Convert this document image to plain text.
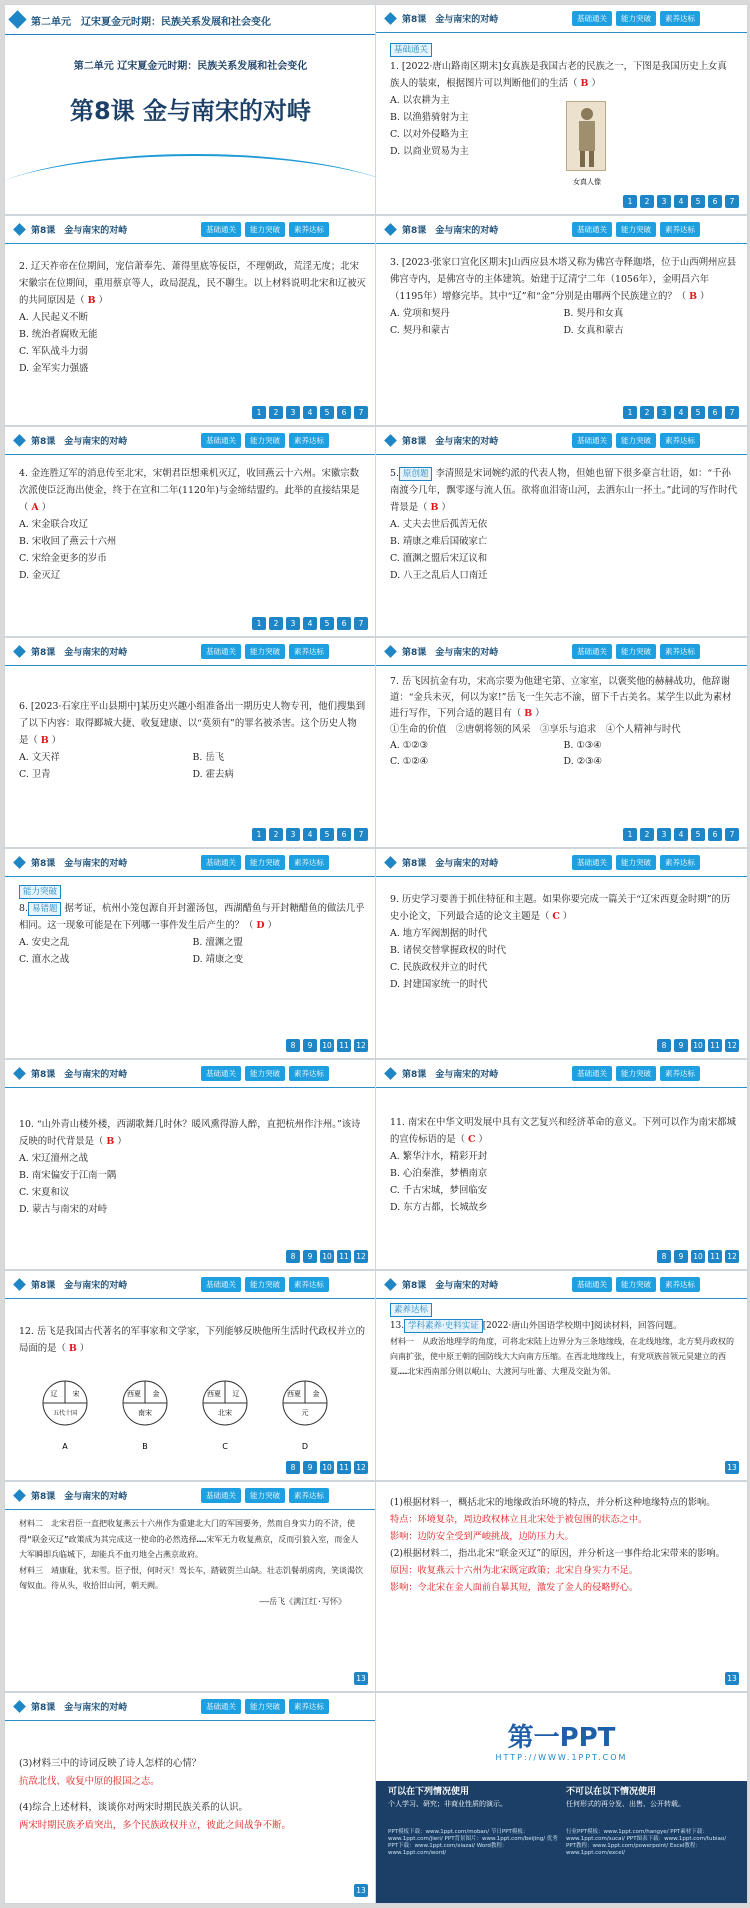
第二单元　辽宋夏金元时期：民族关系发展和社会变化
第二单元 辽宋夏金元时期：民族关系发展和社会变化
第8课 金与南宋的对峙
第8课　金与南宋的对峙	基础通关	能力突破	素养达标
基础通关
1. [2022·唐山路南区期末]女真族是我国古老的民族之一，下图是我国历史上女真族人的装束，根据图片可以判断他们的生活（ B ）
A. 以农耕为主
B. 以渔猎骑射为主
C. 以对外侵略为主
D. 以商业贸易为主
女真人像
1	2	3	4	5	6	7
第8课　金与南宋的对峙	基础通关	能力突破	素养达标
2. 辽天祚帝在位期间，宠信萧奉先、萧得里底等佞臣，不理朝政，荒淫无度；北宋宋徽宗在位期间，重用蔡京等人，政局混乱，民不聊生。以上材料说明北宋和辽被灭的共同原因是（ B ）
A. 人民起义不断
B. 统治者腐败无能
C. 军队战斗力弱
D. 金军实力强盛
1	2	3	4	5	6	7
第8课　金与南宋的对峙	基础通关	能力突破	素养达标
3. [2023·张家口宣化区期末]山西应县木塔又称为佛宫寺释迦塔，位于山西朔州应县佛宫寺内，是佛宫寺的主体建筑。始建于辽清宁二年（1056年），金明昌六年（1195年）增修完毕。其中“辽”和“金”分别是由哪两个民族建立的？（ B ）
A. 党项和契丹	B. 契丹和女真
C. 契丹和蒙古	D. 女真和蒙古
1	2	3	4	5	6	7
第8课　金与南宋的对峙	基础通关	能力突破	素养达标
4. 金连胜辽军的消息传至北宋，宋朝君臣想乘机灭辽，收回燕云十六州。宋徽宗数次派使臣泛海出使金，终于在宣和二年(1120年)与金缔结盟约。此举的直接结果是（ A ）
A. 宋金联合攻辽
B. 宋收回了燕云十六州
C. 宋给金更多的岁币
D. 金灭辽
1	2	3	4	5	6	7
第8课　金与南宋的对峙	基础通关	能力突破	素养达标
5. 原创题 李清照是宋词婉约派的代表人物，但她也留下很多豪言壮语，如：“千孙南渡今几年，飘零逐与流人伍。欲将血泪寄山河，去洒东山一抔土。”此词的写作时代背景是（ B ）
A. 丈夫去世后孤苦无依
B. 靖康之难后国破家亡
C. 澶渊之盟后宋辽议和
D. 八王之乱后人口南迁
第8课　金与南宋的对峙	基础通关	能力突破	素养达标
6. [2023·石家庄平山县期中]某历史兴趣小组准备出一期历史人物专刊，他们搜集到了以下内容：取得郾城大捷、收复建康、以“莫须有”的罪名被杀害。这个历史人物是（ B ）
A. 文天祥	B. 岳飞
C. 卫青	D. 霍去病
1	2	3	4	5	6	7
第8课　金与南宋的对峙	基础通关	能力突破	素养达标
7. 岳飞因抗金有功，宋高宗要为他建宅第、立家室，以褒奖他的赫赫战功，他辞谢道：“金兵未灭，何以为家!”岳飞一生矢志不渝，留下千古美名。某学生以此为素材进行写作，下列合适的题目有（ B ）
①生命的价值　②唐朝将领的风采　③享乐与追求　④个人精神与时代
A. ①②③	B. ①③④
C. ①②④	D. ②③④
1	2	3	4	5	6	7
第8课　金与南宋的对峙	基础通关	能力突破	素养达标
能力突破
8. 易错题 据考证，杭州小笼包源自开封灌汤包，西湖醋鱼与开封糖醋鱼的做法几乎相同。这一现象可能是在下列哪一事件发生后产生的？（ D ）
A. 安史之乱	B. 澶渊之盟
C. 澶水之战	D. 靖康之变
8	9	10 11 12
第8课　金与南宋的对峙	基础通关	能力突破	素养达标
9. 历史学习要善于抓住特征和主题。如果你要完成一篇关于“辽宋西夏金时期”的历史小论文，下列最合适的论文主题是（ C ）
A. 地方军阀割据的时代
B. 诸侯交替掌握政权的时代
C. 民族政权并立的时代
D. 封建国家统一的时代
8	9	10 11 12
第8课　金与南宋的对峙	基础通关	能力突破	素养达标
10. “山外青山楼外楼，西湖歌舞几时休？暖风熏得游人醉，直把杭州作汴州。”该诗反映的时代背景是（ B ）
A. 宋辽澶州之战
B. 南宋偏安于江南一隅
C. 宋夏和议
D. 蒙古与南宋的对峙
8	9	10 11 12
第8课　金与南宋的对峙	基础通关	能力突破	素养达标
11. 南宋在中华文明发展中具有文艺复兴和经济革命的意义。下列可以作为南宋都城的宣传标语的是（ C ）
A. 繁华汴水，精彩开封
B. 心泊秦淮，梦栖南京
C. 千古宋城，梦回临安
D. 东方古都，长城故乡
8	9	10 11 12
第8课　金与南宋的对峙	基础通关	能力突破	素养达标
12. 岳飞是我国古代著名的军事家和文学家，下列能够反映他所生活时代政权并立的局面的是（ B ）
辽 宋
五代十国
A
西夏 金
南宋
B
西夏 辽
北宋
C
西夏 金
元
D
8	9	10 11 12
第8课　金与南宋的对峙	基础通关	能力突破	素养达标
素养达标
13. 学科素养·史料实证 [2022·唐山外国语学校期中]阅读材料，回答问题。
材料一　从政治地理学的角度，可将北宋陆上边界分为三条地缘线，在北线地缘，北方契丹政权的向南扩张，使中原王朝的国防线大大向南方压缩。在西北地缘线上，有党项族首领元昊建立的西夏……北宋西南部分则以岷山、大渡河与吐蕃、大理及交趾为邻。
13
第8课　金与南宋的对峙	基础通关	能力突破	素养达标
材料二　北宋君臣一直把收复燕云十六州作为重建北大门的军国要务，然而自身实力的不济，使得“联金灭辽”政策成为其完成这一使命的必然选择……宋军无力收复燕京，反而引狼入室，而金人大军瞬即兵临城下，却能兵不血刃地全占燕京故府。
材料三　靖康耻，犹未雪。臣子恨，何时灭！驾长车，踏破贺兰山缺。壮志饥餐胡虏肉，笑谈渴饮匈奴血。待从头，收拾旧山河，朝天阙。
——岳飞《满江红·写怀》
13
(1)根据材料一，概括北宋的地缘政治环境的特点，并分析这种地缘特点的影响。
特点：环境复杂，周边政权林立且北宋处于被包围的状态之中。
影响：边防安全受到严峻挑战，边防压力大。
(2)根据材料二，指出北宋“联金灭辽”的原因，并分析这一事件给北宋带来的影响。
原因：收复燕云十六州为北宋既定政策；北宋自身实力不足。
影响：令北宋在金人面前自暴其短，激发了金人的侵略野心。
13
第8课　金与南宋的对峙	基础通关	能力突破	素养达标
(3)材料三中的诗词反映了诗人怎样的心情？
抗敌北伐、收复中原的报国之志。
(4)综合上述材料，谈谈你对两宋时期民族关系的认识。
两宋时期民族矛盾突出，多个民族政权并立，彼此之间战争不断。
13
第一PPT
HTTP://WWW.1PPT.COM
可以在下列情况使用
个人学习、研究；非商业性质的演示。
不可以在以下情况使用
任何形式的再分发、出售、公开转载。
PPT模板下载：www.1ppt.com/moban/ 节日PPT模板：www.1ppt.com/jieri/ PPT背景图片：www.1ppt.com/beijing/ 优秀PPT下载：www.1ppt.com/xiazai/ Word教程：www.1ppt.com/word/
行业PPT模板：www.1ppt.com/hangye/ PPT素材下载：www.1ppt.com/sucai/ PPT图表下载：www.1ppt.com/tubiao/ PPT教程：www.1ppt.com/powerpoint/ Excel教程：www.1ppt.com/excel/
